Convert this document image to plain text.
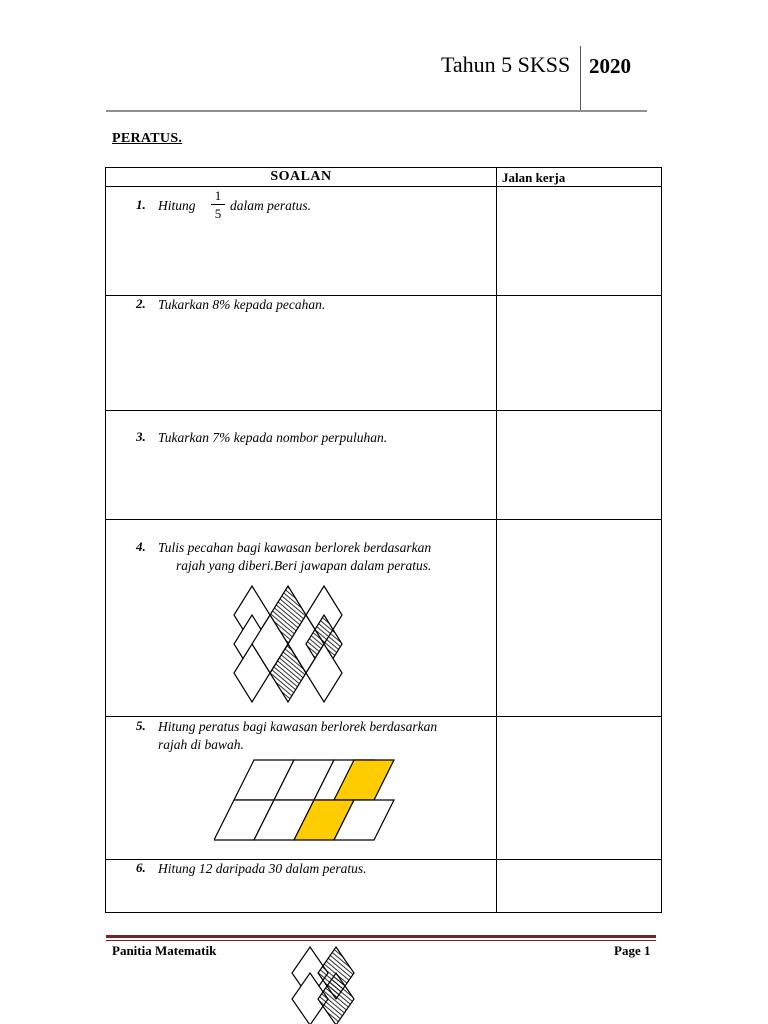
Tahun 5 SKSS 2020
PERATUS.
SOALAN	Jalan kerja
1. Hitung
1
5
dalam peratus.
2. Tukarkan 8% kepada pecahan.
3. Tukarkan 7% kepada nombor perpuluhan.
4. Tulis pecahan bagi kawasan berlorek berdasarkan
rajah yang diberi.Beri jawapan dalam peratus.
5. Hitung peratus bagi kawasan berlorek berdasarkan
rajah di bawah.
6. Hitung 12 daripada 30 dalam peratus.
Panitia Matematik	Page 1
